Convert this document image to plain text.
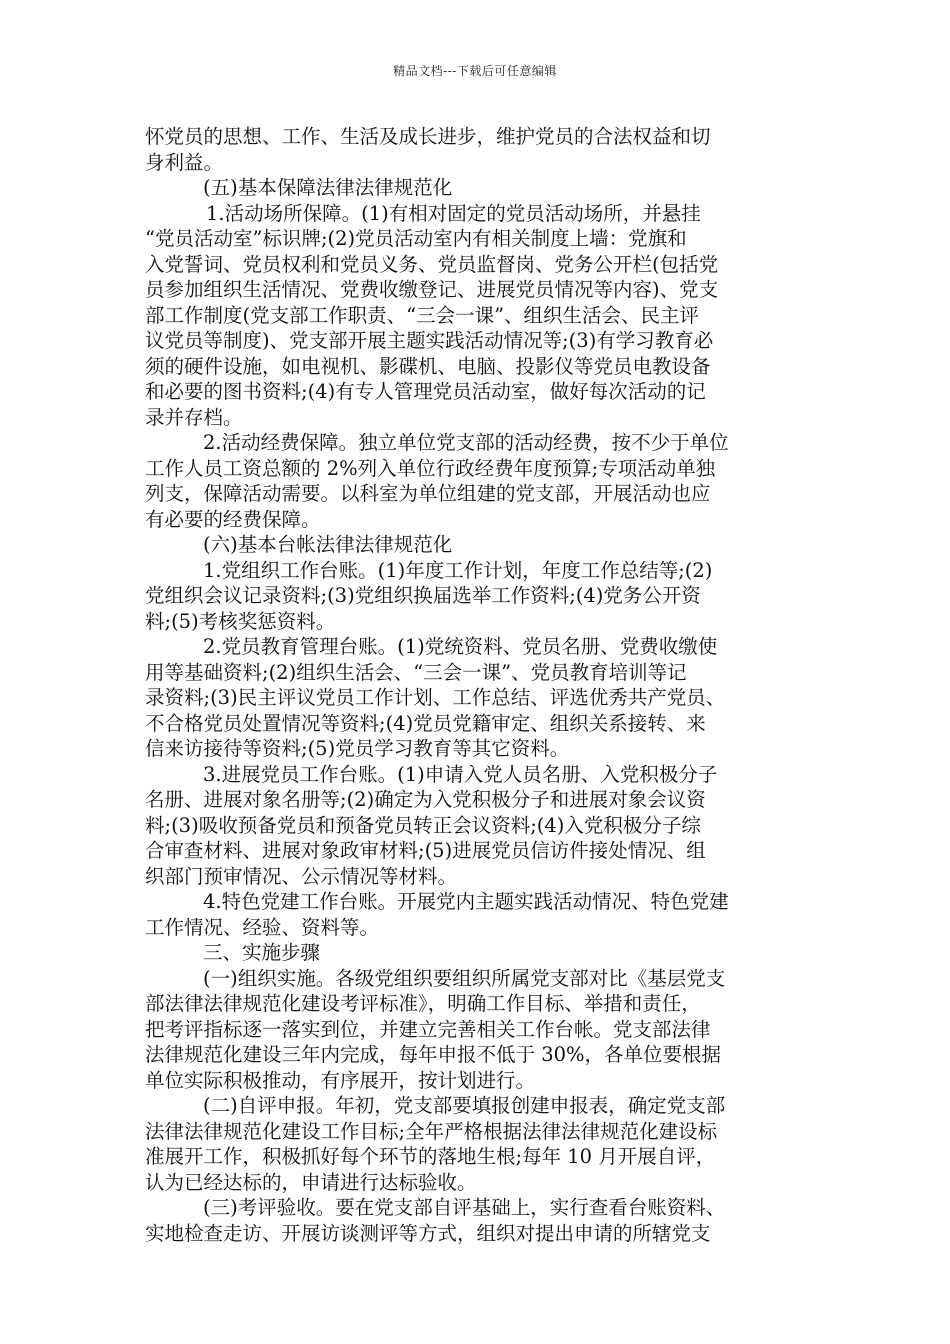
精品文档---下载后可任意编辑
怀党员的思想、工作、生活及成长进步，维护党员的合法权益和切
身利益。
(五)基本保障法律法律规范化
1.活动场所保障。(1)有相对固定的党员活动场所，并悬挂
“党员活动室”标识牌;(2)党员活动室内有相关制度上墙：党旗和
入党誓词、党员权利和党员义务、党员监督岗、党务公开栏(包括党
员参加组织生活情况、党费收缴登记、进展党员情况等内容)、党支
部工作制度(党支部工作职责、“三会一课”、组织生活会、民主评
议党员等制度)、党支部开展主题实践活动情况等;(3)有学习教育必
须的硬件设施，如电视机、影碟机、电脑、投影仪等党员电教设备
和必要的图书资料;(4)有专人管理党员活动室，做好每次活动的记
录并存档。
2.活动经费保障。独立单位党支部的活动经费，按不少于单位
工作人员工资总额的 2%列入单位行政经费年度预算;专项活动单独
列支，保障活动需要。以科室为单位组建的党支部，开展活动也应
有必要的经费保障。
(六)基本台帐法律法律规范化
1.党组织工作台账。(1)年度工作计划，年度工作总结等;(2)
党组织会议记录资料;(3)党组织换届选举工作资料;(4)党务公开资
料;(5)考核奖惩资料。
2.党员教育管理台账。(1)党统资料、党员名册、党费收缴使
用等基础资料;(2)组织生活会、“三会一课”、党员教育培训等记
录资料;(3)民主评议党员工作计划、工作总结、评选优秀共产党员、
不合格党员处置情况等资料;(4)党员党籍审定、组织关系接转、来
信来访接待等资料;(5)党员学习教育等其它资料。
3.进展党员工作台账。(1)申请入党人员名册、入党积极分子
名册、进展对象名册等;(2)确定为入党积极分子和进展对象会议资
料;(3)吸收预备党员和预备党员转正会议资料;(4)入党积极分子综
合审查材料、进展对象政审材料;(5)进展党员信访件接处情况、组
织部门预审情况、公示情况等材料。
4.特色党建工作台账。开展党内主题实践活动情况、特色党建
工作情况、经验、资料等。
三、实施步骤
(一)组织实施。各级党组织要组织所属党支部对比《基层党支
部法律法律规范化建设考评标准》，明确工作目标、举措和责任，
把考评指标逐一落实到位，并建立完善相关工作台帐。党支部法律
法律规范化建设三年内完成，每年申报不低于 30%，各单位要根据
单位实际积极推动，有序展开，按计划进行。
(二)自评申报。年初，党支部要填报创建申报表，确定党支部
法律法律规范化建设工作目标;全年严格根据法律法律规范化建设标
准展开工作，积极抓好每个环节的落地生根;每年 10 月开展自评，
认为已经达标的，申请进行达标验收。
(三)考评验收。要在党支部自评基础上，实行查看台账资料、
实地检查走访、开展访谈测评等方式，组织对提出申请的所辖党支
